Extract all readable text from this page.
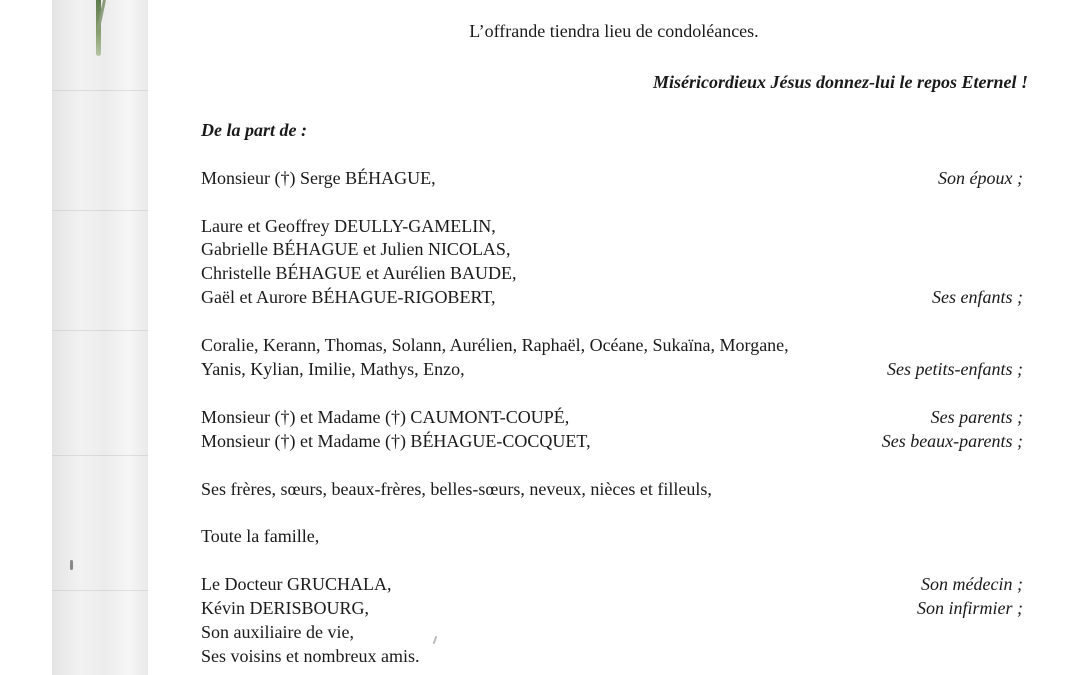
L’offrande tiendra lieu de condoléances.

Miséricordieux Jésus donnez-lui le repos Eternel !

De la part de :

Monsieur (†) Serge BÉHAGUE,	Son époux ;

Laure et Geoffrey DEULLY-GAMELIN,

Gabrielle BÉHAGUE et Julien NICOLAS,

Christelle BÉHAGUE et Aurélien BAUDE,

Gaël et Aurore BÉHAGUE-RIGOBERT,	Ses enfants ;

Coralie, Kerann, Thomas, Solann, Aurélien, Raphaël, Océane, Sukaïna, Morgane,

Yanis, Kylian, Imilie, Mathys, Enzo,	Ses petits-enfants ;

Monsieur (†) et Madame (†) CAUMONT-COUPÉ,	Ses parents ;

Monsieur (†) et Madame (†) BÉHAGUE-COCQUET,	Ses beaux-parents ;

Ses frères, sœurs, beaux-frères, belles-sœurs, neveux, nièces et filleuls,

Toute la famille,

Le Docteur GRUCHALA,	Son médecin ;

Kévin DERISBOURG,	Son infirmier ;

Son auxiliaire de vie,

Ses voisins et nombreux amis.
